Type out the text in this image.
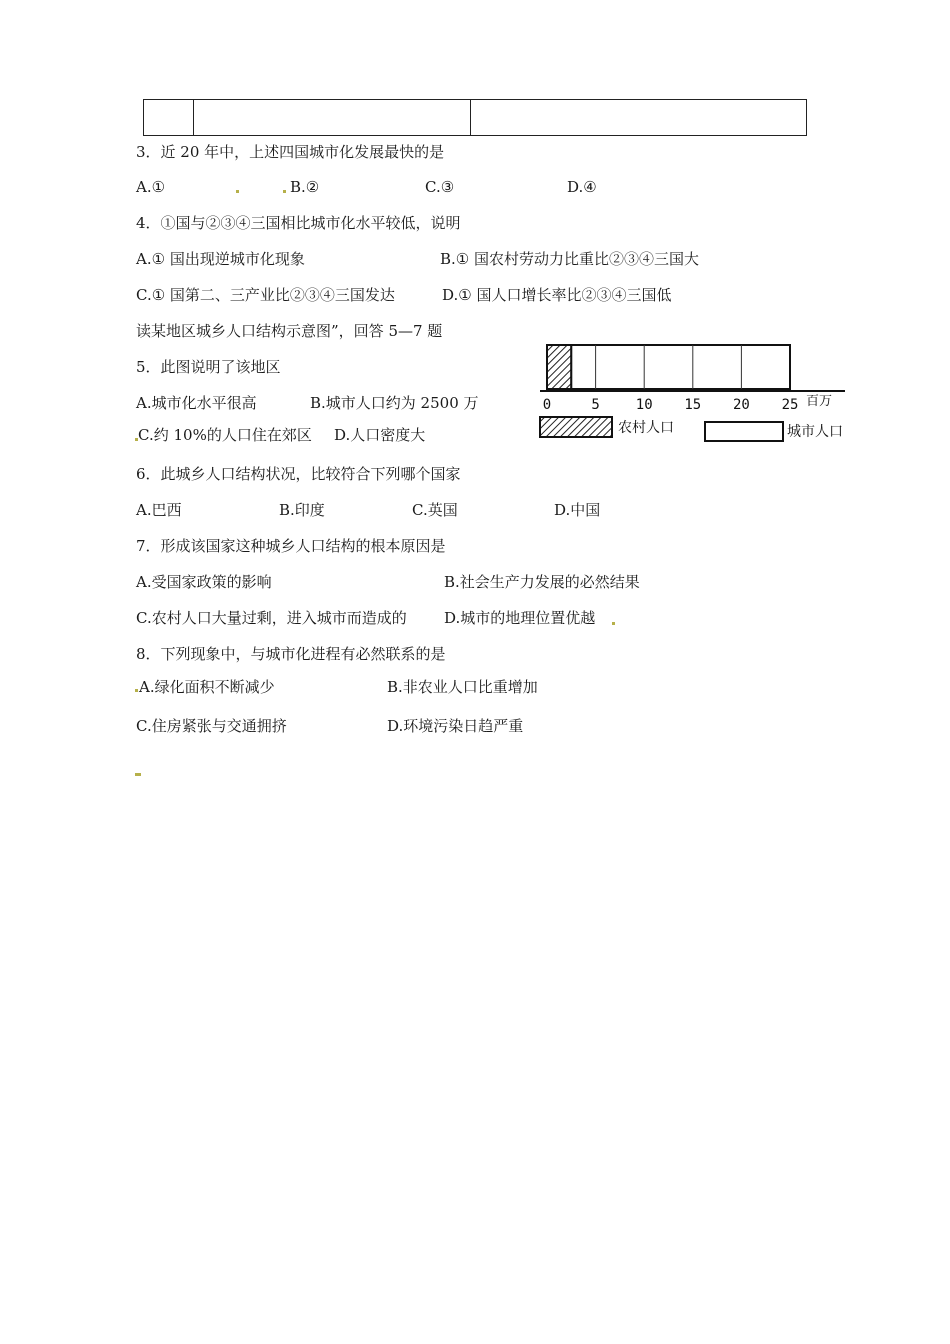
3．近 20 年中，上述四国城市化发展最快的是
A.①	B.②	C.③	D.④
4．①国与②③④三国相比城市化水平较低，说明
A.① 国出现逆城市化现象	B.① 国农村劳动力比重比②③④三国大
C.① 国第二、三产业比②③④三国发达	D.① 国人口增长率比②③④三国低
读某地区城乡人口结构示意图”，回答 5—7 题
5．此图说明了该地区
A.城市化水平很高	B.城市人口约为 2500 万
C.约 10%的人口住在郊区 D.人口密度大
0	5	10 15 20 25 百万
农村人口	城市人口
6．此城乡人口结构状况，比较符合下列哪个国家
A.巴西	B.印度	C.英国	D.中国
7．形成该国家这种城乡人口结构的根本原因是
A.受国家政策的影响	B.社会生产力发展的必然结果
C.农村人口大量过剩，进入城市而造成的 D.城市的地理位置优越
8．下列现象中，与城市化进程有必然联系的是
A.绿化面积不断减少	B.非农业人口比重增加
C.住房紧张与交通拥挤	D.环境污染日趋严重
